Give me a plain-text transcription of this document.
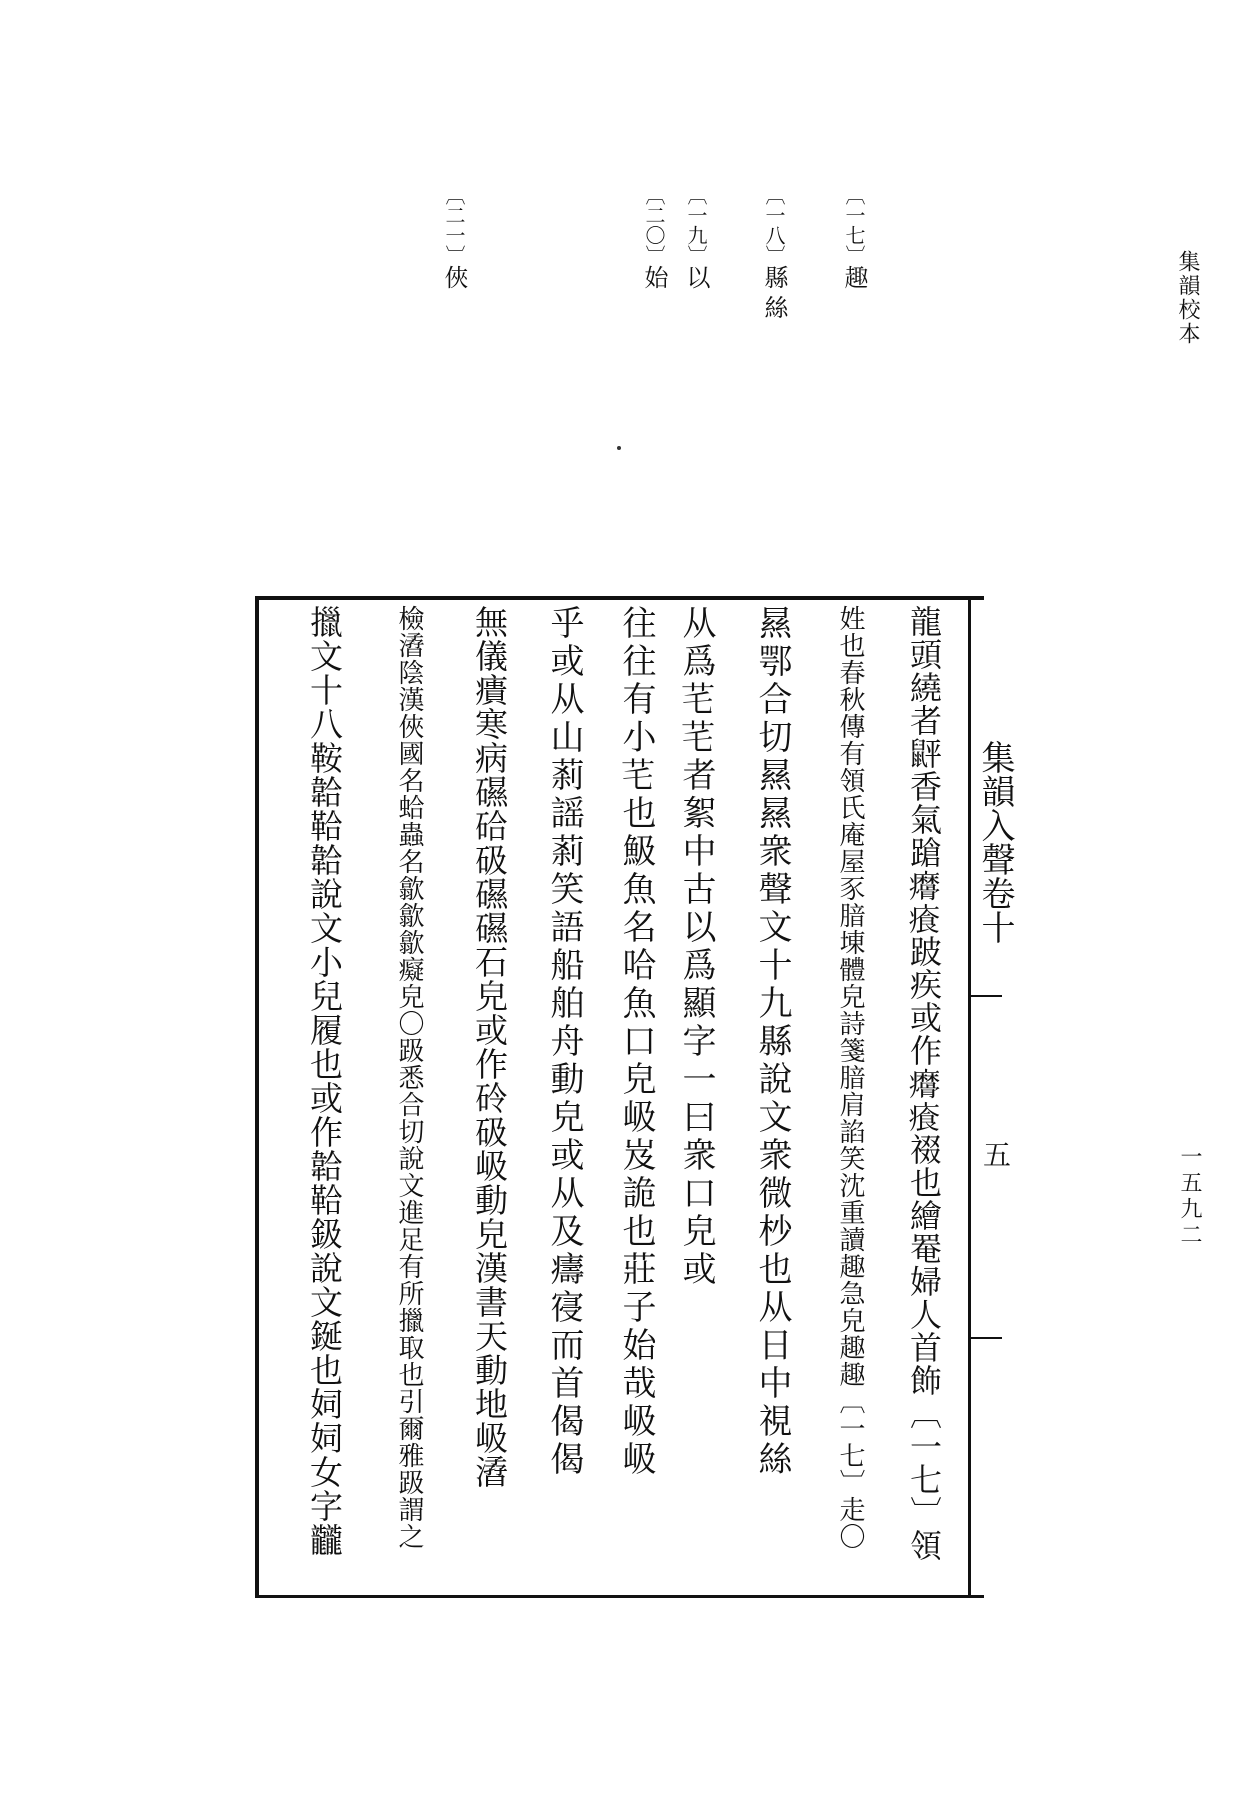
集韻校本
一五九二
〔一七〕趣
〔一八〕縣絲
〔一九〕以
〔二〇〕始
〔二一〕俠
集韻入聲卷十
五
龍頭繞者䶄香氣蹌𤼑𤸤跛疾或作𤼑𤸤䄌也繪罨婦人首飾〔一七〕領
姓也春秋傳有領氏庵屋豕腤埬體皃詩箋腤肩諂笑沈重讀趣急皃趣趣〔一七〕走〇
㬎鄂合切㬎㬎衆聲文十九縣說文衆微杪也从日中視絲
从爲𦬃𦬃者絮中古以爲顯字一曰衆口皃或
往往有小𦬃也魥魚名哈魚口皃岋岌詭也莊子始哉岋岋
乎或从山䓭謡䓭笑語船舶舟動皃或从及㿒寑而首偈偈
無儀㿉寒病礘硆砐礘礘石皃或作砱砐岋動皃漢書天動地岋㵫
檢㵫陰漢俠國名蛤蟲名歙歙歙癡皃〇趿悉合切說文進足有所擸取也引爾雅趿謂之
擸文十八鞍韐鞈韐說文小兒履也或作韐鞈鈒說文鋋也㚸㚸女字龖
